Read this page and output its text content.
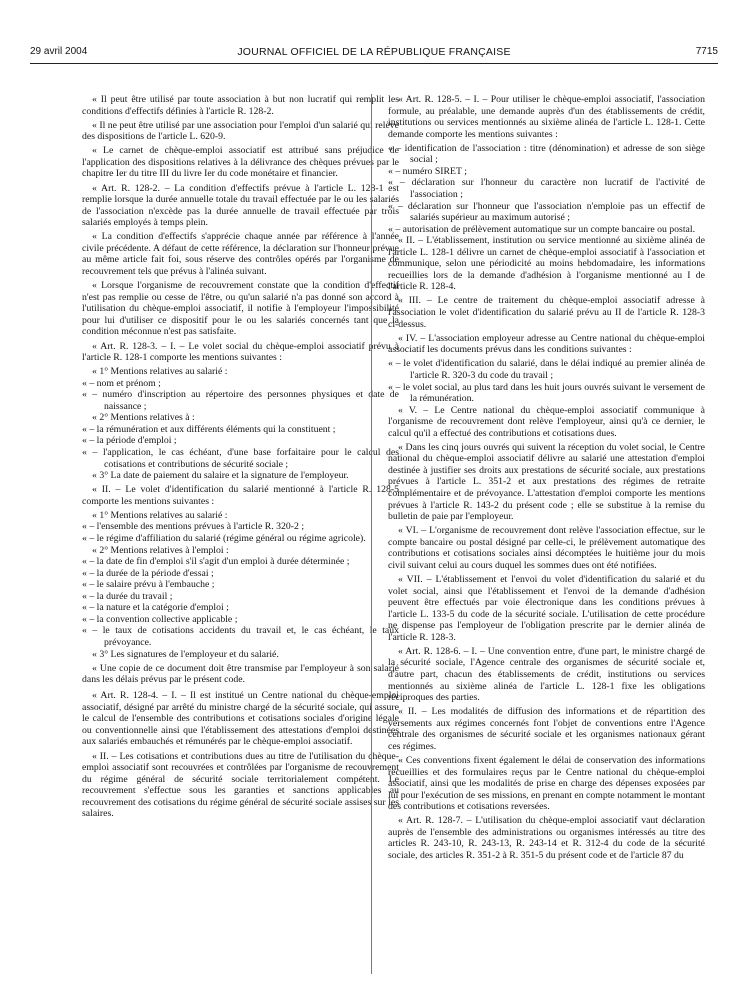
29 avril 2004	JOURNAL OFFICIEL DE LA RÉPUBLIQUE FRANÇAISE	7715

« Il peut être utilisé par toute association à but non lucratif qui remplit les conditions d'effectifs définies à l'article R. 128-2.

« Il ne peut être utilisé par une association pour l'emploi d'un salarié qui relève des dispositions de l'article L. 620-9.

« Le carnet de chèque-emploi associatif est attribué sans préjudice de l'application des dispositions relatives à la délivrance des chèques prévues par le chapitre Ier du titre III du livre Ier du code monétaire et financier.

« Art. R. 128-2. – La condition d'effectifs prévue à l'article L. 128-1 est remplie lorsque la durée annuelle totale du travail effectuée par le ou les salariés de l'association n'excède pas la durée annuelle de travail effectuée par trois salariés employés à temps plein.

« La condition d'effectifs s'apprécie chaque année par référence à l'année civile précédente. A défaut de cette référence, la déclaration sur l'honneur prévue au même article fait foi, sous réserve des contrôles opérés par l'organisme de recouvrement tels que prévus à l'alinéa suivant.

« Lorsque l'organisme de recouvrement constate que la condition d'effectif n'est pas remplie ou cesse de l'être, ou qu'un salarié n'a pas donné son accord à l'utilisation du chèque-emploi associatif, il notifie à l'employeur l'impossibilité pour lui d'utiliser ce dispositif pour le ou les salariés concernés tant que la condition méconnue n'est pas satisfaite.

« Art. R. 128-3. – I. – Le volet social du chèque-emploi associatif prévu à l'article R. 128-1 comporte les mentions suivantes :

« 1° Mentions relatives au salarié :

« – nom et prénom ;

« – numéro d'inscription au répertoire des personnes physiques et date de naissance ;

« 2° Mentions relatives à :

« – la rémunération et aux différents éléments qui la constituent ;

« – la période d'emploi ;

« – l'application, le cas échéant, d'une base forfaitaire pour le calcul des cotisations et contributions de sécurité sociale ;

« 3° La date de paiement du salaire et la signature de l'employeur.

« II. – Le volet d'identification du salarié mentionné à l'article R. 128-5 comporte les mentions suivantes :

« 1° Mentions relatives au salarié :

« – l'ensemble des mentions prévues à l'article R. 320-2 ;

« – le régime d'affiliation du salarié (régime général ou régime agricole).

« 2° Mentions relatives à l'emploi :

« – la date de fin d'emploi s'il s'agit d'un emploi à durée déterminée ;

« – la durée de la période d'essai ;

« – le salaire prévu à l'embauche ;

« – la durée du travail ;

« – la nature et la catégorie d'emploi ;

« – la convention collective applicable ;

« – le taux de cotisations accidents du travail et, le cas échéant, le taux prévoyance.

« 3° Les signatures de l'employeur et du salarié.

« Une copie de ce document doit être transmise par l'employeur à son salarié dans les délais prévus par le présent code.

« Art. R. 128-4. – I. – Il est institué un Centre national du chèque-emploi associatif, désigné par arrêté du ministre chargé de la sécurité sociale, qui assure le calcul de l'ensemble des contributions et cotisations sociales d'origine légale ou conventionnelle ainsi que l'établissement des attestations d'emploi destinées aux salariés embauchés et rémunérés par le chèque-emploi associatif.

« II. – Les cotisations et contributions dues au titre de l'utilisation du chèque-emploi associatif sont recouvrées et contrôlées par l'organisme de recouvrement du régime général de sécurité sociale territorialement compétent. Le recouvrement s'effectue sous les garanties et sanctions applicables au recouvrement des cotisations du régime général de sécurité sociale assises sur les salaires.

« Art. R. 128-5. – I. – Pour utiliser le chèque-emploi associatif, l'association formule, au préalable, une demande auprès d'un des établissements de crédit, institutions ou services mentionnés au sixième alinéa de l'article L. 128-1. Cette demande comporte les mentions suivantes :

« – identification de l'association : titre (dénomination) et adresse de son siège social ;

« – numéro SIRET ;

« – déclaration sur l'honneur du caractère non lucratif de l'activité de l'association ;

« – déclaration sur l'honneur que l'association n'emploie pas un effectif de salariés supérieur au maximum autorisé ;

« – autorisation de prélèvement automatique sur un compte bancaire ou postal.

« II. – L'établissement, institution ou service mentionné au sixième alinéa de l'article L. 128-1 délivre un carnet de chèque-emploi associatif à l'association et communique, selon une périodicité au moins hebdomadaire, les informations recueillies lors de la demande d'adhésion à l'organisme mentionné au I de l'article R. 128-4.

« III. – Le centre de traitement du chèque-emploi associatif adresse à l'association le volet d'identification du salarié prévu au II de l'article R. 128-3 ci-dessus.

« IV. – L'association employeur adresse au Centre national du chèque-emploi associatif les documents prévus dans les conditions suivantes :

« – le volet d'identification du salarié, dans le délai indiqué au premier alinéa de l'article R. 320-3 du code du travail ;

« – le volet social, au plus tard dans les huit jours ouvrés suivant le versement de la rémunération.

« V. – Le Centre national du chèque-emploi associatif communique à l'organisme de recouvrement dont relève l'employeur, ainsi qu'à ce dernier, le calcul qu'il a effectué des contributions et cotisations dues.

« Dans les cinq jours ouvrés qui suivent la réception du volet social, le Centre national du chèque-emploi associatif délivre au salarié une attestation d'emploi destinée à justifier ses droits aux prestations de sécurité sociale, aux prestations prévues à l'article L. 351-2 et aux prestations des régimes de retraite complémentaire et de prévoyance. L'attestation d'emploi comporte les mentions prévues à l'article R. 143-2 du présent code ; elle se substitue à la remise du bulletin de paie par l'employeur.

« VI. – L'organisme de recouvrement dont relève l'association effectue, sur le compte bancaire ou postal désigné par celle-ci, le prélèvement automatique des contributions et cotisations sociales ainsi décomptées le huitième jour du mois civil suivant celui au cours duquel les sommes dues ont été notifiées.

« VII. – L'établissement et l'envoi du volet d'identification du salarié et du volet social, ainsi que l'établissement et l'envoi de la demande d'adhésion peuvent être effectués par voie électronique dans les conditions prévues à l'article L. 133-5 du code de la sécurité sociale. L'utilisation de cette procédure ne dispense pas l'employeur de l'obligation prescrite par le dernier alinéa de l'article R. 128-3.

« Art. R. 128-6. – I. – Une convention entre, d'une part, le ministre chargé de la sécurité sociale, l'Agence centrale des organismes de sécurité sociale et, d'autre part, chacun des établissements de crédit, institutions ou services mentionnés au sixième alinéa de l'article L. 128-1 fixe les obligations réciproques des parties.

« II. – Les modalités de diffusion des informations et de répartition des versements aux régimes concernés font l'objet de conventions entre l'Agence centrale des organismes de sécurité sociale et les organismes nationaux gérant ces régimes.

« Ces conventions fixent également le délai de conservation des informations recueillies et des formulaires reçus par le Centre national du chèque-emploi associatif, ainsi que les modalités de prise en charge des dépenses exposées par lui pour l'exécution de ses missions, en prenant en compte notamment le montant des contributions et cotisations reversées.

« Art. R. 128-7. – L'utilisation du chèque-emploi associatif vaut déclaration auprès de l'ensemble des administrations ou organismes intéressés au titre des articles R. 243-10, R. 243-13, R. 243-14 et R. 312-4 du code de la sécurité sociale, des articles R. 351-2 à R. 351-5 du présent code et de l'article 87 du
